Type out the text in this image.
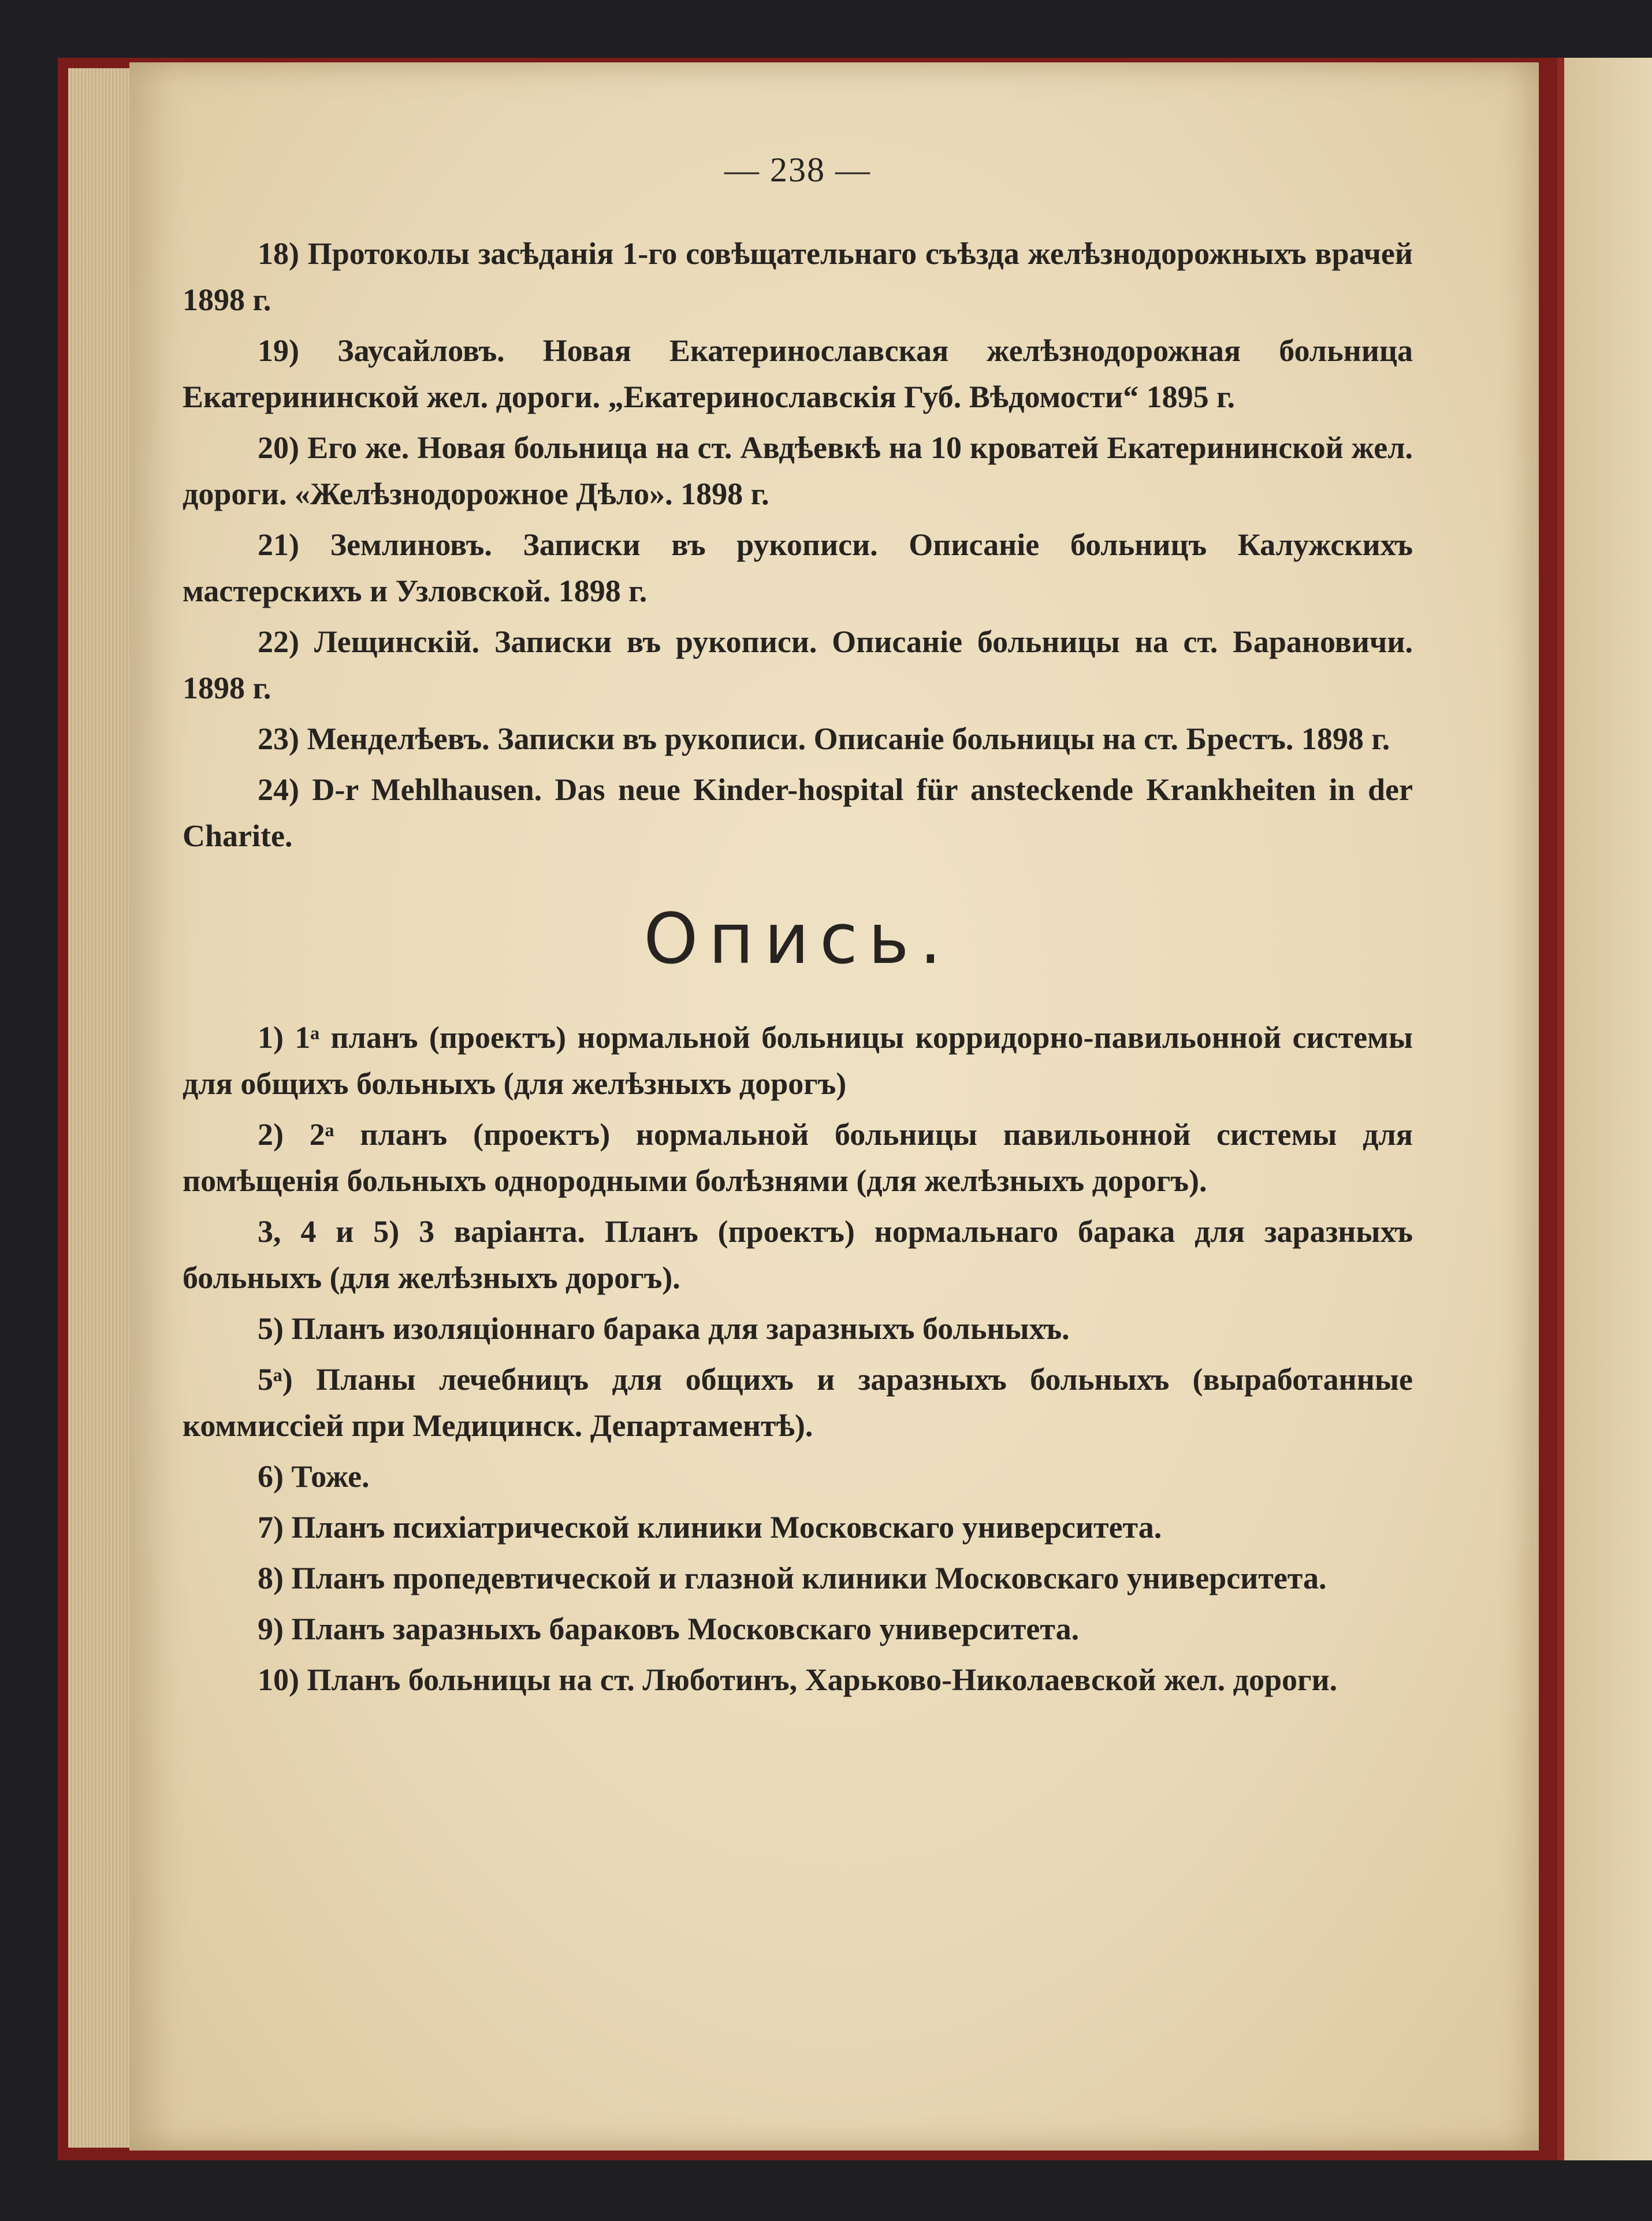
— 238 —

18) Протоколы засѣданія 1-го совѣщательнаго съѣзда желѣзнодорожныхъ врачей 1898 г.

19) Заусайловъ. Новая Екатеринославская желѣзнодорожная больница Екатерининской жел. дороги. „Екатеринославскія Губ. Вѣдомости“ 1895 г.

20) Его же. Новая больница на ст. Авдѣевкѣ на 10 кроватей Екатерининской жел. дороги. «Желѣзнодорожное Дѣло». 1898 г.

21) Землиновъ. Записки въ рукописи. Описаніе больницъ Калужскихъ мастерскихъ и Узловской. 1898 г.

22) Лещинскій. Записки въ рукописи. Описаніе больницы на ст. Барановичи. 1898 г.

23) Менделѣевъ. Записки въ рукописи. Описаніе больницы на ст. Брестъ. 1898 г.

24) D-r Mehlhausen. Das neue Kinder-hospital für ansteckende Krankheiten in der Charite.

Опись.

1) 1ᵃ планъ (проектъ) нормальной больницы корридорно-павильонной системы для общихъ больныхъ (для желѣзныхъ дорогъ)

2) 2ᵃ планъ (проектъ) нормальной больницы павильонной системы для помѣщенія больныхъ однородными болѣзнями (для желѣзныхъ дорогъ).

3, 4 и 5) 3 варіанта. Планъ (проектъ) нормальнаго барака для заразныхъ больныхъ (для желѣзныхъ дорогъ).

5) Планъ изоляціоннаго барака для заразныхъ больныхъ.

5ᵃ) Планы лечебницъ для общихъ и заразныхъ больныхъ (выработанные коммиссіей при Медицинск. Департаментѣ).

6) Тоже.

7) Планъ психіатрической клиники Московскаго университета.

8) Планъ пропедевтической и глазной клиники Московскаго университета.

9) Планъ заразныхъ бараковъ Московскаго университета.

10) Планъ больницы на ст. Люботинъ, Харьково-Николаевской жел. дороги.
